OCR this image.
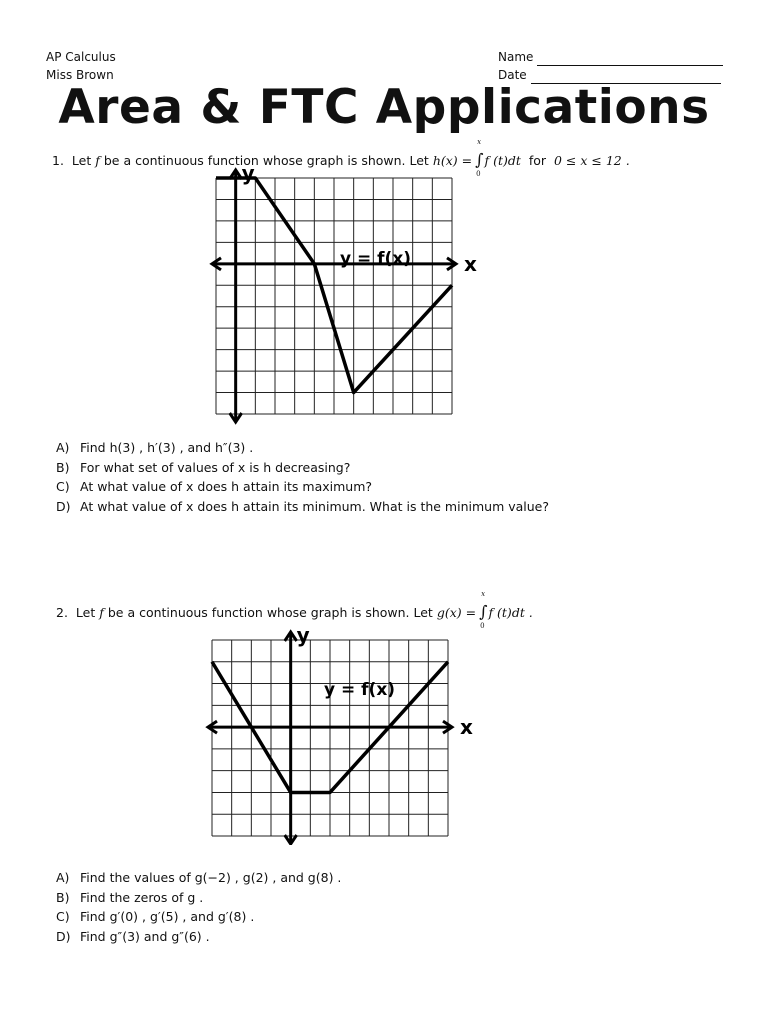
AP Calculus
Miss Brown
Name
Date
Area & FTC Applications
1. Let f be a continuous function whose graph is shown. Let h(x) = ∫
x
0
f (t)dt for 0 ≤ x ≤ 12 .
x
y
y = f(x)
A) Find h(3) , h′(3) , and h″(3) .
B) For what set of values of x is h decreasing?
C) At what value of x does h attain its maximum?
D) At what value of x does h attain its minimum. What is the minimum value?
2. Let f be a continuous function whose graph is shown. Let g(x) = ∫
x
0
f (t)dt .
x
y
y = f(x)
A) Find the values of g(−2) , g(2) , and g(8) .
B) Find the zeros of g .
C) Find g′(0) , g′(5) , and g′(8) .
D) Find g″(3) and g″(6) .
